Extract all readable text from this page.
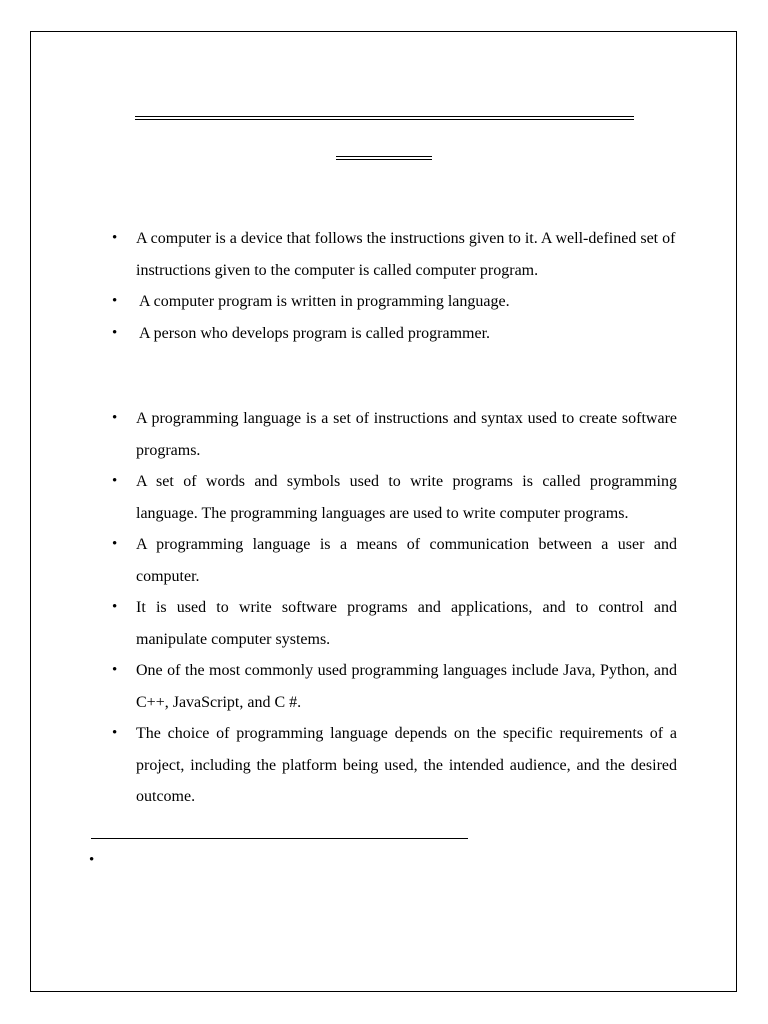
• A computer is a device that follows the instructions given to it. A well-defined set of instructions given to the computer is called computer program.
• A computer program is written in programming language.
• A person who develops program is called programmer.
• A programming language is a set of instructions and syntax used to create software programs.
• A set of words and symbols used to write programs is called programming language. The programming languages are used to write computer programs.
• A programming language is a means of communication between a user and computer.
• It is used to write software programs and applications, and to control and manipulate computer systems.
• One of the most commonly used programming languages include Java, Python, and C++, JavaScript, and C #.
• The choice of programming language depends on the specific requirements of a project, including the platform being used, the intended audience, and the desired outcome.
•
